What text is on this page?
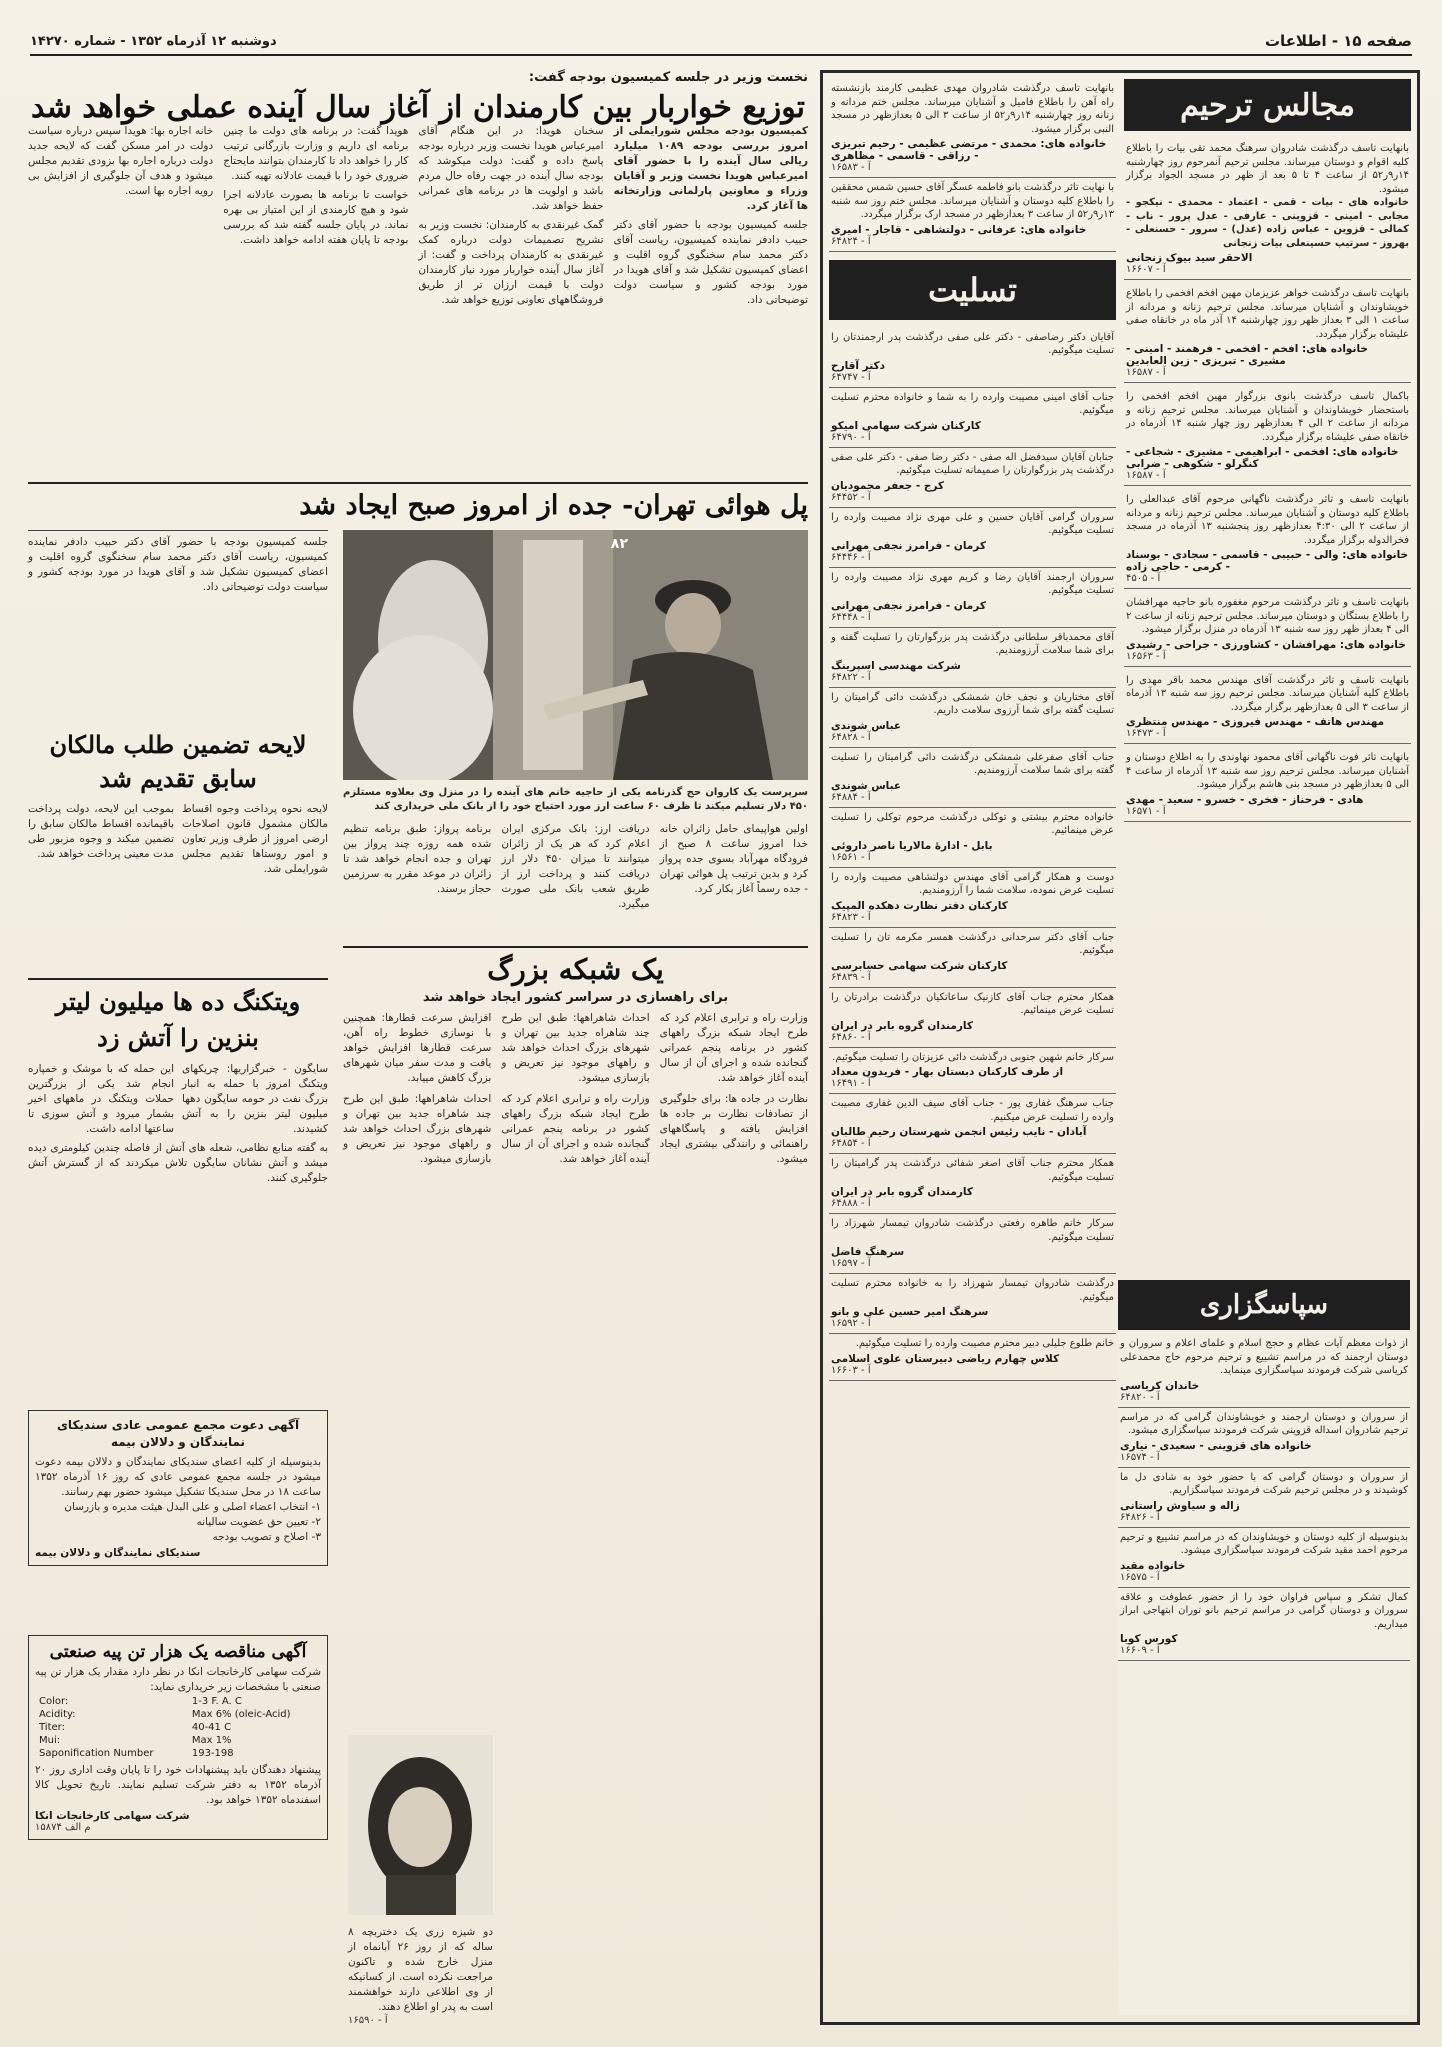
صفحه ۱۵ - اطلاعات
دوشنبه ۱۲ آذرماه ۱۳۵۲ - شماره ۱۴۲۷۰
مجالس ترحیم
بانهایت تاسف درگذشت شادروان سرهنگ محمد تقی بیات را باطلاع کلیه اقوام و دوستان میرساند. مجلس ترحیم آنمرحوم روز چهارشنبه ۱۴ر۹ر۵۲ از ساعت ۴ تا ۵ بعد از ظهر در مسجد الجواد برگزار میشود.
خانواده های - بیات - قمی - اعتماد - محمدی - نیکجو - مجابی - امینی - قزوینی - عارفی - عدل پرور - ناب - کمالی - قزوین - عباس زاده (عدل) - سرور - حسنعلی - بهروز - سرتیپ حسینعلی بیات زنجانی
الاحقر سید بیوک زنجانی
آ - ۱۶۶۰۷
بانهایت تاسف درگذشت خواهر عزیزمان مهین افخم افخمی را باطلاع خویشاوندان و آشنایان میرساند. مجلس ترحیم زنانه و مردانه از ساعت ۱ الی ۳ بعداز ظهر روز چهارشنبه ۱۴ آذر ماه در خانقاه صفی علیشاه برگزار میگردد.
خانواده های: افخم - افخمی - فرهمند - امینی - مشیری - تبریزی - زین العابدین
آ - ۱۶۵۸۷
باکمال تاسف درگذشت بانوی بزرگوار مهین افخم افخمی را باستحضار خویشاوندان و آشنایان میرساند. مجلس ترحیم زنانه و مردانه از ساعت ۲ الی ۴ بعدازظهر روز چهار شنبه ۱۴ آذرماه در خانقاه صفی علیشاه برگزار میگردد.
خانواده های: افخمی - ابراهیمی - مشیری - شجاعی - کنگرلو - شکوهی - ضرابی
آ - ۱۶۵۸۷
بانهایت تاسف و تاثر درگذشت ناگهانی مرحوم آقای عبدالعلی را باطلاع کلیه دوستان و آشنایان میرساند. مجلس ترحیم زنانه و مردانه از ساعت ۲ الی ۴:۳۰ بعدازظهر روز پنجشنبه ۱۳ آذرماه در مسجد فخرالدوله برگزار میگردد.
خانواده های: والی - حبیبی - قاسمی - سجادی - بوسناد - کرمی - حاجی زاده
آ - ۴۵۰۵
بانهایت تاسف و تاثر درگذشت مرحوم مغفوره بانو حاجیه مهرافشان را باطلاع بستگان و دوستان میرساند. مجلس ترحیم زنانه از ساعت ۲ الی ۴ بعداز ظهر روز سه شنبه ۱۳ آذرماه در منزل برگزار میشود.
خانواده های: مهرافشان - کشاورزی - جراحی - رشیدی
آ - ۱۶۵۶۳
بانهایت تاسف و تاثر درگذشت آقای مهندس محمد باقر مهدی را باطلاع کلیه آشنایان میرساند. مجلس ترحیم روز سه شنبه ۱۳ آذرماه از ساعت ۳ الی ۵ بعدازظهر برگزار میگردد.
مهندس هاتف - مهندس فیروزی - مهندس منتظری
آ - ۱۶۴۷۳
بانهایت تاثر فوت ناگهانی آقای محمود نهاوندی را به اطلاع دوستان و آشنایان میرساند. مجلس ترحیم روز سه شنبه ۱۳ آذرماه از ساعت ۴ الی ۵ بعدازظهر در مسجد بنی هاشم برگزار میشود.
هادی - فرحناز - فخری - خسرو - سعید - مهدی
آ - ۱۶۵۷۱
بانهایت تاسف درگذشت شادروان مهدی عظیمی کارمند بازنشسته راه آهن را باطلاع فامیل و آشنایان میرساند. مجلس ختم مردانه و زنانه روز چهارشنبه ۱۴ر۹ر۵۲ از ساعت ۳ الی ۵ بعدازظهر در مسجد النبی برگزار میشود.
خانواده های: محمدی - مرتضی عظیمی - رحیم تبریزی - رزاقی - قاسمی - مظاهری
آ - ۱۶۵۸۳
با نهایت تاثر درگذشت بانو فاطمه عسگر آقای حسین شمس محققین را باطلاع کلیه دوستان و آشنایان میرساند. مجلس ختم روز سه شنبه ۱۳ر۹ر۵۲ از ساعت ۳ بعدازظهر در مسجد ارک برگزار میگردد.
خانواده های: عرفانی - دولتشاهی - قاجار - امیری
آ - ۶۴۸۲۴
تسلیت
آقایان دکتر رضاصفی - دکتر علی صفی درگذشت پدر ارجمندتان را تسلیت میگوئیم.
دکتر آقارح
آ - ۶۴۷۴۷
جناب آقای امینی مصیبت وارده را به شما و خانواده محترم تسلیت میگوئیم.
کارکنان شرکت سهامی امیکو
آ - ۶۴۷۹۰
جنابان آقایان سیدفضل اله صفی - دکتر رضا صفی - دکتر علی صفی درگذشت پدر بزرگوارتان را صمیمانه تسلیت میگوئیم.
کرج - جعفر محمودیان
آ - ۶۴۴۵۲
سروران گرامی آقایان حسین و علی مهری نژاد مصیبت وارده را تسلیت میگوئیم.
کرمان - فرامرز نجفی مهرانی
آ - ۶۴۴۴۶
سروران ارجمند آقایان رضا و کریم مهری نژاد مصیبت وارده را تسلیت میگوئیم.
کرمان - فرامرز نجفی مهرانی
آ - ۶۴۴۴۸
آقای محمدباقر سلطانی درگذشت پدر بزرگوارتان را تسلیت گفته و برای شما سلامت آرزومندیم.
شرکت مهندسی اسپرینگ
آ - ۶۴۸۲۲
آقای مختاریان و نجف خان شمشکی درگذشت دائی گرامیتان را تسلیت گفته برای شما آرزوی سلامت داریم.
عباس شوندی
آ - ۶۴۸۲۸
جناب آقای صفرعلی شمشکی درگذشت دائی گرامیتان را تسلیت گفته برای شما سلامت آرزومندیم.
عباس شوندی
آ - ۶۴۸۸۴
خانواده محترم بیشتی و توکلی درگذشت مرحوم توکلی را تسلیت عرض مینمائیم.
بابل - ادارهٔ مالاریا ناصر داروئی
آ - ۱۶۵۶۱
دوست و همکار گرامی آقای مهندس دولتشاهی مصیبت وارده را تسلیت عرض نموده، سلامت شما را آرزومندیم.
کارکنان دفتر نظارت دهکده المپیک
آ - ۶۴۸۲۳
جناب آقای دکتر سرحدانی درگذشت همسر مکرمه تان را تسلیت میگوئیم.
کارکنان شرکت سهامی حسابرسی
آ - ۶۴۸۳۹
همکار محترم جناب آقای کازنیک ساعاتکیان درگذشت برادرتان را تسلیت عرض مینمائیم.
کارمندان گروه بابر در ایران
آ - ۶۴۸۶۰
سرکار خانم شهین جنوبی درگذشت دائی عزیزتان را تسلیت میگوئیم.
از طرف کارکنان دبستان بهار - فریدون معداد
آ - ۱۶۴۹۱
جناب سرهنگ غفاری پور - جناب آقای سیف الدین غفاری مصیبت وارده را تسلیت عرض میکنیم.
آبادان - نایب رئیس انجمن شهرستان رحیم طالبان
آ - ۶۴۸۵۴
همکار محترم جناب آقای اصغر شفائی درگذشت پدر گرامیتان را تسلیت میگوئیم.
کارمندان گروه بابر در ایران
آ - ۶۴۸۸۸
سرکار خانم طاهره رفعتی درگذشت شادروان تیمسار شهرزاد را تسلیت میگوئیم.
سرهنگ فاضل
آ - ۱۶۵۹۷
درگذشت شادروان تیمسار شهرزاد را به خانواده محترم تسلیت میگوئیم.
سرهنگ امیر حسین علی و بانو
آ - ۱۶۵۹۲
خانم طلوع جلیلی دبیر محترم مصیبت وارده را تسلیت میگوئیم.
کلاس چهارم ریاضی دبیرستان علوی اسلامی
آ - ۱۶۶۰۳
سپاسگزاری
از ذوات معظم آیات عظام و حجج اسلام و علمای اعلام و سروران و دوستان ارجمند که در مراسم تشییع و ترحیم مرحوم حاج محمدعلی کریاسی شرکت فرمودند سپاسگزاری مینماید.
خاندان کریاسی
آ - ۶۴۸۲۰
از سروران و دوستان ارجمند و خویشاوندان گرامی که در مراسم ترحیم شادروان اسداله قزوینی شرکت فرمودند سپاسگزاری میشود.
خانواده های قزوینی - سعیدی - نیاری
آ - ۱۶۵۷۴
از سروران و دوستان گرامی که با حضور خود به شادی دل ما کوشیدند و در مجلس ترحیم شرکت فرمودند سپاسگزاریم.
زاله و سیاوش راستانی
آ - ۶۴۸۲۶
بدینوسیله از کلیه دوستان و خویشاوندان که در مراسم تشییع و ترحیم مرحوم احمد مقید شرکت فرمودند سپاسگزاری میشود.
خانواده مقید
آ - ۱۶۵۷۵
کمال تشکر و سپاس فراوان خود را از حضور عطوفت و علاقه سروران و دوستان گرامی در مراسم ترحیم بانو توران ابتهاجی ابراز میداریم.
کورس کوبا
آ - ۱۶۶۰۹
نخست وزیر در جلسه کمیسیون بودجه گفت:
توزیع خواربار بین کارمندان از آغاز سال آینده عملی خواهد شد
کمیسیون بودجه مجلس شورایملی از امروز بررسی بودجه ۱۰۸۹ میلیارد ریالی سال آینده را با حضور آقای امیرعباس هویدا نخست وزیر و آقایان وزراء و معاونین پارلمانی وزارتخانه ها آغاز کرد.
جلسه کمیسیون بودجه با حضور آقای دکتر حبیب دادفر نماینده کمیسیون، ریاست آقای دکتر محمد سام سخنگوی گروه اقلیت و اعضای کمیسیون تشکیل شد و آقای هویدا در مورد بودجه کشور و سیاست دولت توضیحاتی داد.
سخنان هویدا: در این هنگام آقای امیرعباس هویدا نخست وزیر درباره بودجه پاسخ داده و گفت: دولت میکوشد که بودجه سال آینده در جهت رفاه حال مردم باشد و اولویت ها در برنامه های عمرانی حفظ خواهد شد.
گمک غیرنقدی به کارمندان: نخست وزیر به تشریح تصمیمات دولت درباره کمک غیرنقدی به کارمندان پرداخت و گفت: از آغاز سال آینده خواربار مورد نیاز کارمندان دولت با قیمت ارزان تر از طریق فروشگاههای تعاونی توزیع خواهد شد.
هویدا گفت: در برنامه های دولت ما چنین برنامه ای داریم و وزارت بازرگانی ترتیب کار را خواهد داد تا کارمندان بتوانند مایحتاج ضروری خود را با قیمت عادلانه تهیه کنند.
خواست تا برنامه ها بصورت عادلانه اجرا شود و هیچ کارمندی از این امتیاز بی بهره نماند. در پایان جلسه گفته شد که بررسی بودجه تا پایان هفته ادامه خواهد داشت.
خانه اجاره بها: هویدا سپس درباره سیاست دولت در امر مسکن گفت که لایحه جدید دولت درباره اجاره بها بزودی تقدیم مجلس میشود و هدف آن جلوگیری از افزایش بی رویه اجاره بها است.
پل هوائی تهران- جده از امروز صبح ایجاد شد
۸۲
جلسه کمیسیون بودجه با حضور آقای دکتر حبیب دادفر نماینده کمیسیون، ریاست آقای دکتر محمد سام سخنگوی گروه اقلیت و اعضای کمیسیون تشکیل شد و آقای هویدا در مورد بودجه کشور و سیاست دولت توضیحاتی داد.
لایحه تضمین طلب مالکان سابق تقدیم شد
لایحه نحوه پرداخت وجوه اقساط مالکان مشمول قانون اصلاحات ارضی امروز از طرف وزیر تعاون و امور روستاها تقدیم مجلس شورایملی شد.
بموجب این لایحه، دولت پرداخت باقیمانده اقساط مالکان سابق را تضمین میکند و وجوه مزبور طی مدت معینی پرداخت خواهد شد.
سرپرست یک کاروان حج گذرنامه یکی از حاجیه خانم های آینده را در منزل وی بعلاوه مستلزم ۴۵۰ دلار تسلیم میکند تا ظرف ۶۰ ساعت ارز مورد احتیاج خود را از بانک ملی خریداری کند
اولین هواپیمای حامل زائران خانه خدا امروز ساعت ۸ صبح از فرودگاه مهرآباد بسوی جده پرواز کرد و بدین ترتیب پل هوائی تهران - جده رسماً آغاز بکار کرد.
دریافت ارز: بانک مرکزی ایران اعلام کرد که هر یک از زائران میتوانند تا میزان ۴۵۰ دلار ارز دریافت کنند و پرداخت ارز از طریق شعب بانک ملی صورت میگیرد.
برنامه پرواز: طبق برنامه تنظیم شده همه روزه چند پرواز بین تهران و جده انجام خواهد شد تا زائران در موعد مقرر به سرزمین حجاز برسند.
یک شبکه بزرگ
برای راهسازی در سراسر کشور ایجاد خواهد شد
وزارت راه و ترابری اعلام کرد که طرح ایجاد شبکه بزرگ راههای کشور در برنامه پنجم عمرانی گنجانده شده و اجرای آن از سال آینده آغاز خواهد شد.
احداث شاهراهها: طبق این طرح چند شاهراه جدید بین تهران و شهرهای بزرگ احداث خواهد شد و راههای موجود نیز تعریض و بازسازی میشود.
افزایش سرعت قطارها: همچنین با نوسازی خطوط راه آهن، سرعت قطارها افزایش خواهد یافت و مدت سفر میان شهرهای بزرگ کاهش مییابد.
نظارت در جاده ها: برای جلوگیری از تصادفات نظارت بر جاده ها افزایش یافته و پاسگاههای راهنمائی و رانندگی بیشتری ایجاد میشود.
وزارت راه و ترابری اعلام کرد که طرح ایجاد شبکه بزرگ راههای کشور در برنامه پنجم عمرانی گنجانده شده و اجرای آن از سال آینده آغاز خواهد شد.
احداث شاهراهها: طبق این طرح چند شاهراه جدید بین تهران و شهرهای بزرگ احداث خواهد شد و راههای موجود نیز تعریض و بازسازی میشود.
ویتکنگ ده ها میلیون لیتر بنزین را آتش زد
سایگون - خبرگزاریها: چریکهای ویتکنگ امروز با حمله به انبار بزرگ نفت در حومه سایگون دهها میلیون لیتر بنزین را به آتش کشیدند.
این حمله که با موشک و خمپاره انجام شد یکی از بزرگترین حملات ویتکنگ در ماههای اخیر بشمار میرود و آتش سوزی تا ساعتها ادامه داشت.
به گفته منابع نظامی، شعله های آتش از فاصله چندین کیلومتری دیده میشد و آتش نشانان سایگون تلاش میکردند که از گسترش آتش جلوگیری کنند.
آگهی دعوت مجمع عمومی عادی سندیکای نمایندگان و دلالان بیمه
بدینوسیله از کلیه اعضای سندیکای نمایندگان و دلالان بیمه دعوت میشود در جلسه مجمع عمومی عادی که روز ۱۶ آذرماه ۱۳۵۲ ساعت ۱۸ در محل سندیکا تشکیل میشود حضور بهم رسانند.
۱- انتخاب اعضاء اصلی و علی البدل هیئت مدیره و بازرسان
۲- تعیین حق عضویت سالیانه
۳- اصلاح و تصویب بودجه
سندیکای نمایندگان و دلالان بیمه
آگهی مناقصه یک هزار تن پیه صنعتی
شرکت سهامی کارخانجات انکا در نظر دارد مقدار یک هزار تن پیه صنعتی با مشخصات زیر خریداری نماید:
Color:	1-3 F. A. C
Acidity:	Max 6% (oleic-Acid)
Titer:	40-41 C
Mui:	Max 1%
Saponification Number	193-198
پیشنهاد دهندگان باید پیشنهادات خود را تا پایان وقت اداری روز ۲۰ آذرماه ۱۳۵۲ به دفتر شرکت تسلیم نمایند. تاریخ تحویل کالا اسفندماه ۱۳۵۲ خواهد بود.
شرکت سهامی کارخانجات انکا
م الف ۱۵۸۷۴
دو شیزه زری یک دختربچه ۸ ساله که از روز ۲۶ آبانماه از منزل خارج شده و تاکنون مراجعت نکرده است. از کسانیکه از وی اطلاعی دارند خواهشمند است به پدر او اطلاع دهند.
آ - ۱۶۵۹۰
